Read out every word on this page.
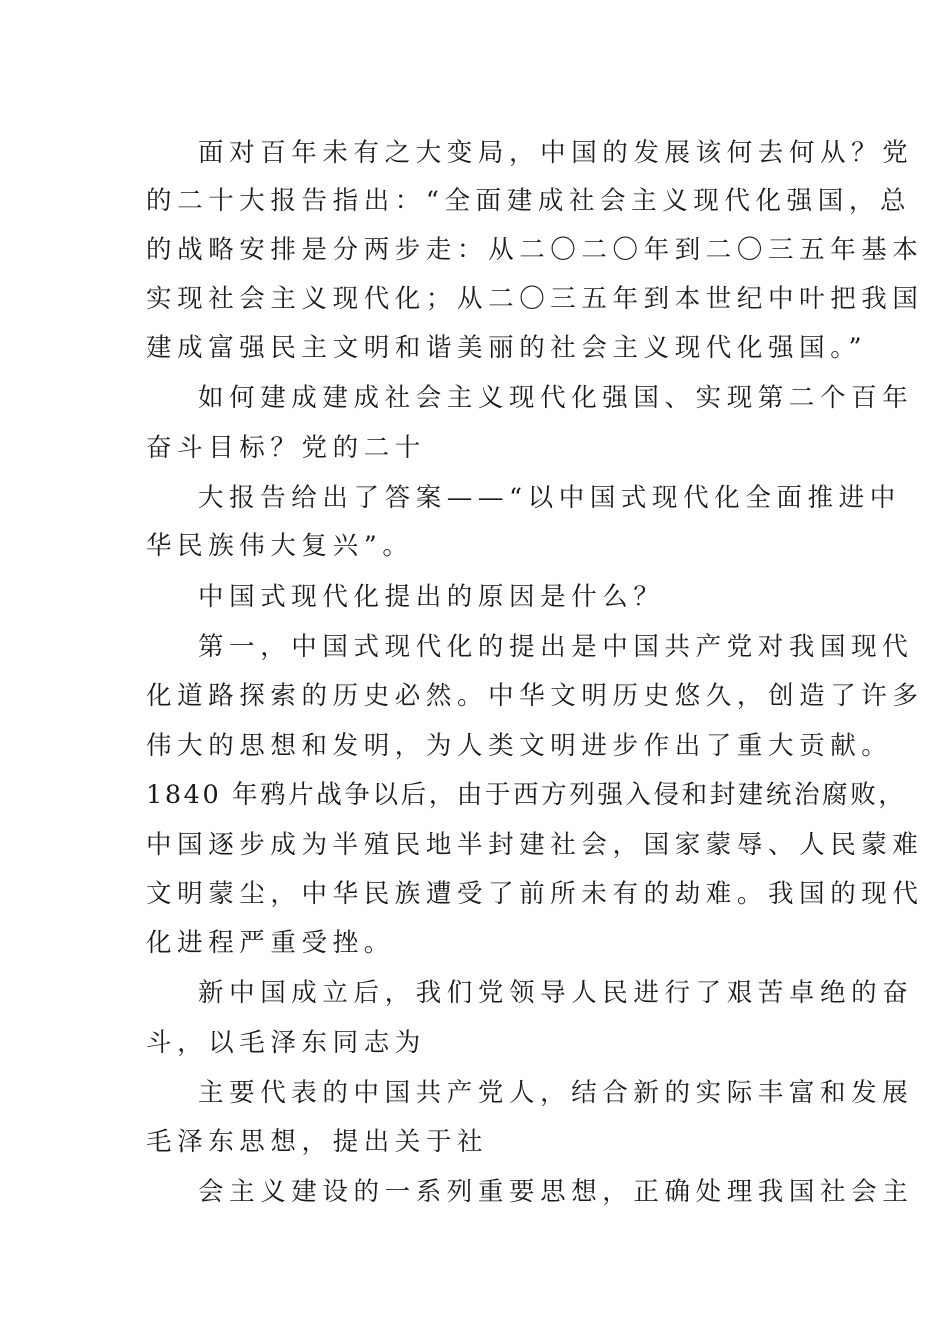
面对百年未有之大变局，中国的发展该何去何从？党
的二十大报告指出：“全面建成社会主义现代化强国，总
的战略安排是分两步走：从二〇二〇年到二〇三五年基本
实现社会主义现代化；从二〇三五年到本世纪中叶把我国
建成富强民主文明和谐美丽的社会主义现代化强国。”
如何建成建成社会主义现代化强国、实现第二个百年
奋斗目标？党的二十
大报告给出了答案——“以中国式现代化全面推进中
华民族伟大复兴”。
中国式现代化提出的原因是什么？
第一，中国式现代化的提出是中国共产党对我国现代
化道路探索的历史必然。中华文明历史悠久，创造了许多
伟大的思想和发明，为人类文明进步作出了重大贡献。
1840 年鸦片战争以后，由于西方列强入侵和封建统治腐败，
中国逐步成为半殖民地半封建社会，国家蒙辱、人民蒙难
文明蒙尘，中华民族遭受了前所未有的劫难。我国的现代
化进程严重受挫。
新中国成立后，我们党领导人民进行了艰苦卓绝的奋
斗，以毛泽东同志为
主要代表的中国共产党人，结合新的实际丰富和发展
毛泽东思想，提出关于社
会主义建设的一系列重要思想，正确处理我国社会主
